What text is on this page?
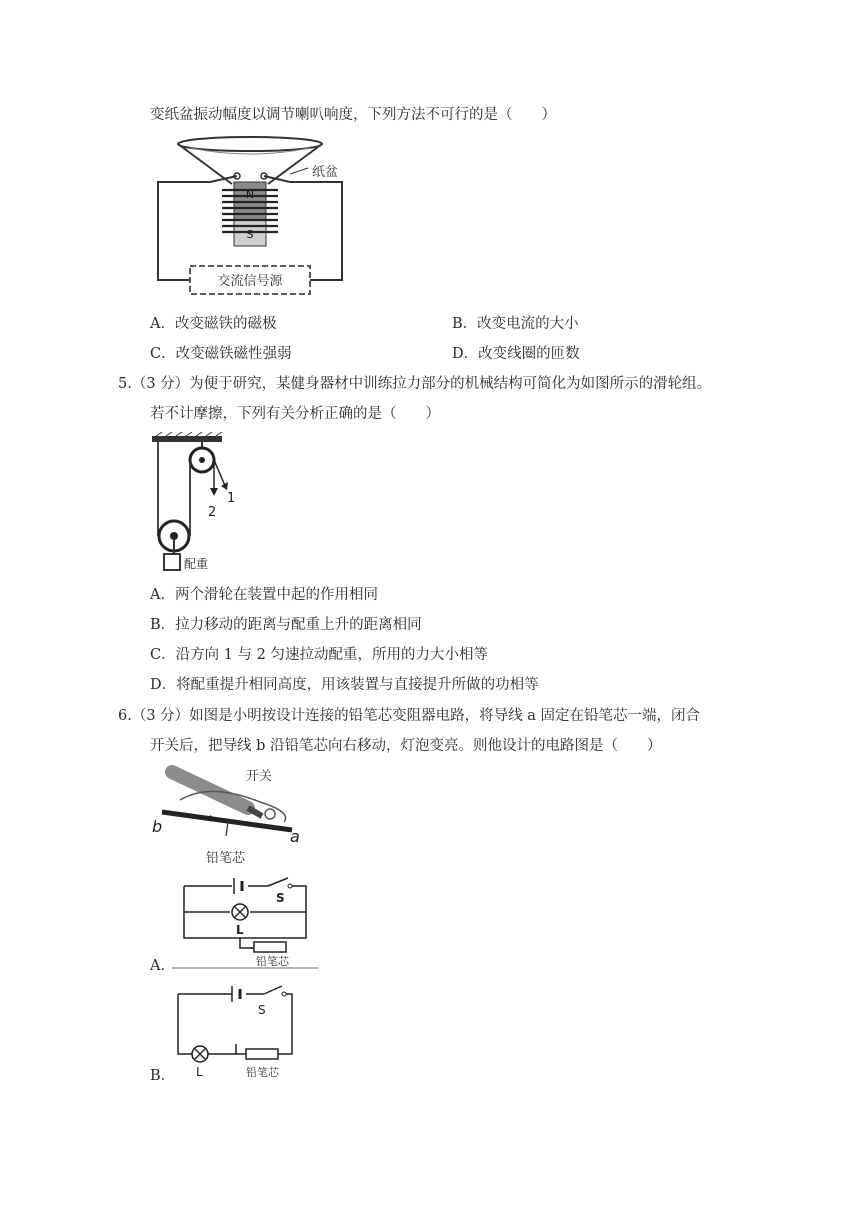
变纸盆振动幅度以调节喇叭响度，下列方法不可行的是（　　）
N
S
纸盆
交流信号源
A．改变磁铁的磁极	B．改变电流的大小
C．改变磁铁磁性强弱	D．改变线圈的匝数
5.（3 分）为便于研究，某健身器材中训练拉力部分的机械结构可简化为如图所示的滑轮组。
若不计摩擦，下列有关分析正确的是（　　）
配重
2
1
A．两个滑轮在装置中起的作用相同
B．拉力移动的距离与配重上升的距离相同
C．沿方向 1 与 2 匀速拉动配重，所用的力大小相等
D．将配重提升相同高度，用该装置与直接提升所做的功相等
6.（3 分）如图是小明按设计连接的铅笔芯变阻器电路，将导线 a 固定在铅笔芯一端，闭合
开关后，把导线 b 沿铅笔芯向右移动，灯泡变亮。则他设计的电路图是（　　）
开关
b
a
铅笔芯
A．
S
L
铅笔芯
B．
S
L	铅笔芯
